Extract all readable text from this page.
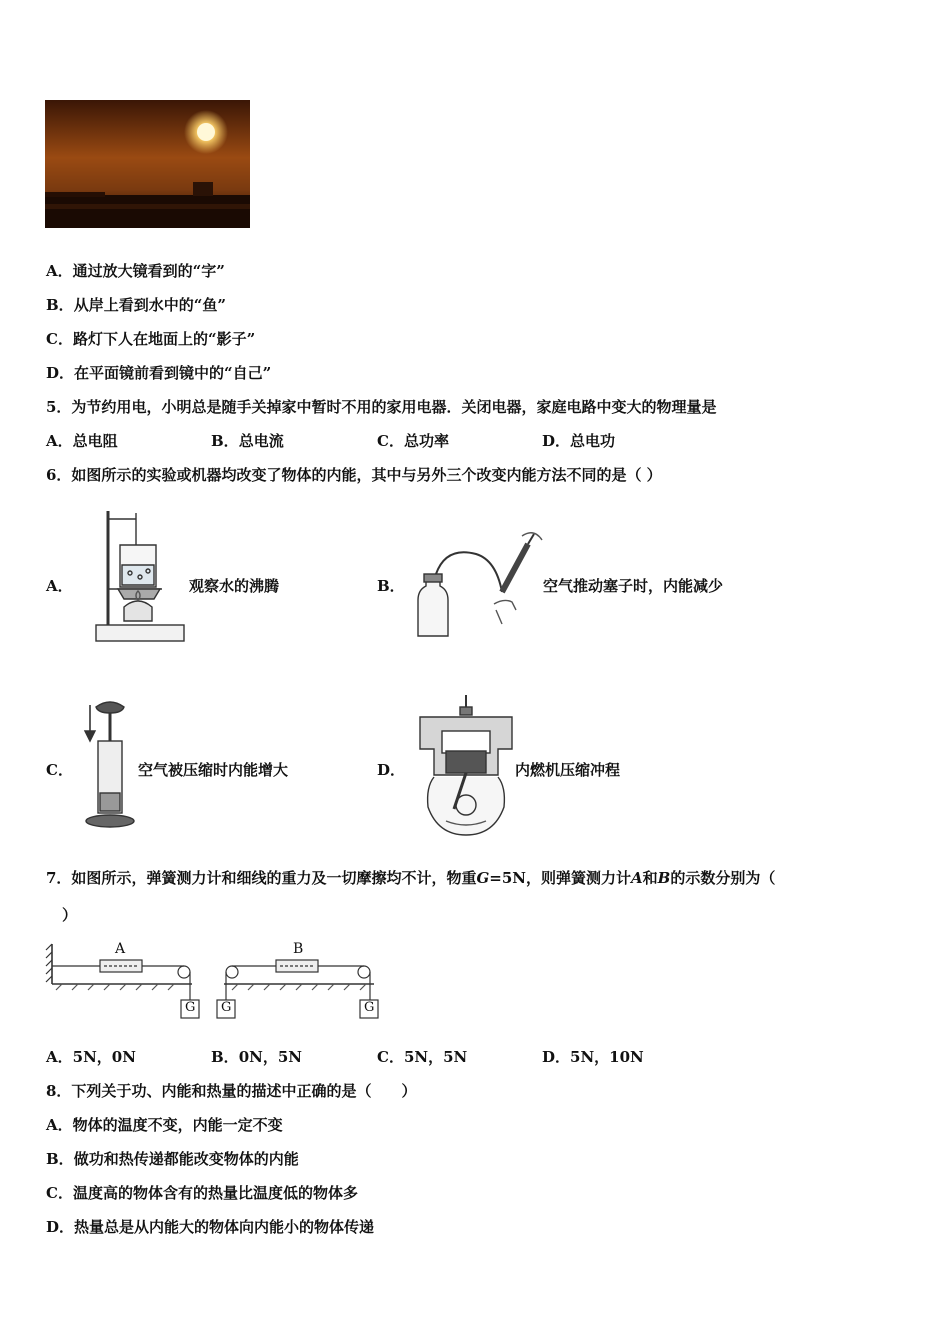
A．通过放大镜看到的“字”
B．从岸上看到水中的“鱼”
C．路灯下人在地面上的“影子”
D．在平面镜前看到镜中的“自己”
5．为节约用电，小明总是随手关掉家中暂时不用的家用电器．关闭电器，家庭电路中变大的物理量是
A．总电阻	B．总电流	C．总功率	D．总电功
6．如图所示的实验或机器均改变了物体的内能，其中与另外三个改变内能方法不同的是（ ）
A．	观察水的沸腾	B．	空气推动塞子时，内能减少
C．	空气被压缩时内能增大	D．	内燃机压缩冲程
7．如图所示，弹簧测力计和细线的重力及一切摩擦均不计，物重G=5N，则弹簧测力计A和B的示数分别为（
）
A	B
G G	G
A．5N，0N	B．0N，5N	C．5N，5N	D．5N，10N
8．下列关于功、内能和热量的描述中正确的是（　　）
A．物体的温度不变，内能一定不变
B．做功和热传递都能改变物体的内能
C．温度高的物体含有的热量比温度低的物体多
D．热量总是从内能大的物体向内能小的物体传递
